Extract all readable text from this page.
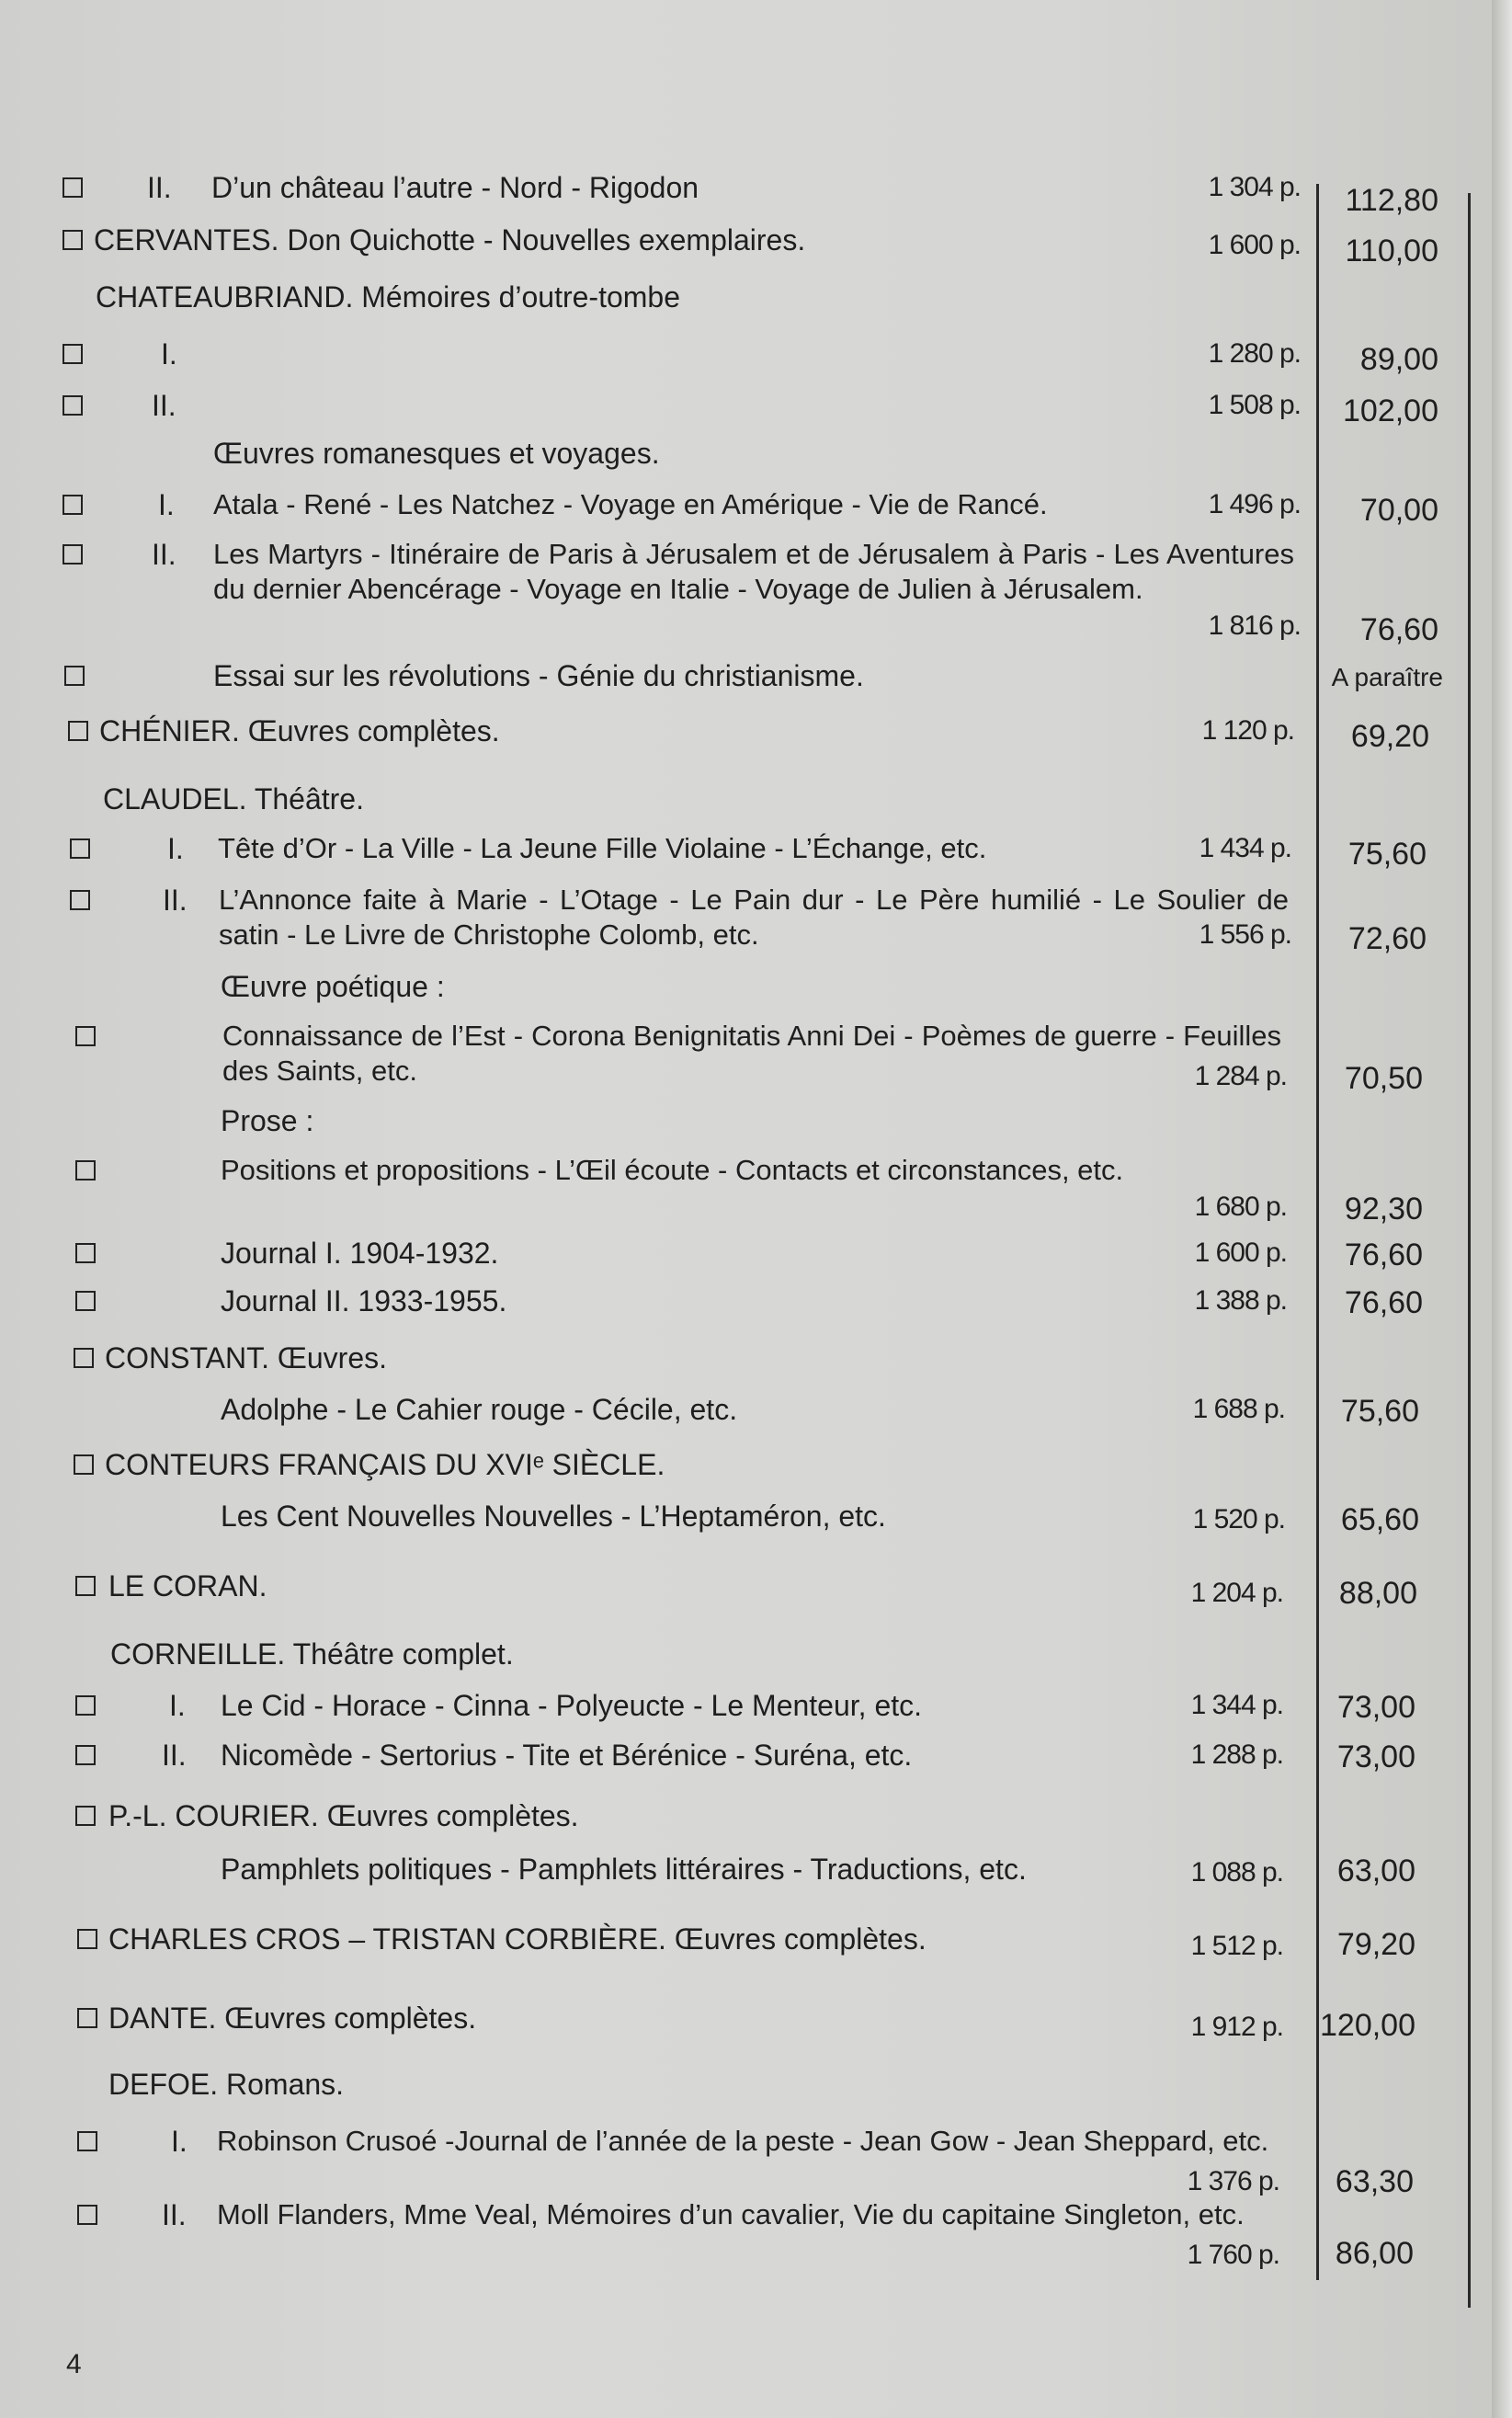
II. D’un château l’autre - Nord - Rigodon	1 304 p.	112,80
CERVANTES. Don Quichotte - Nouvelles exemplaires.	1 600 p.	110,00
CHATEAUBRIAND. Mémoires d’outre-tombe
I.	1 280 p.	89,00
II.	1 508 p.	102,00
Œuvres romanesques et voyages.
I. Atala - René - Les Natchez - Voyage en Amérique - Vie de Rancé.	1 496 p.	70,00
II. Les Martyrs - Itinéraire de Paris à Jérusalem et de Jérusalem à Paris - Les Aventures du dernier Abencérage - Voyage en Italie - Voyage de Julien à Jérusalem.
1 816 p.	76,60
Essai sur les révolutions - Génie du christianisme.	A paraître
CHÉNIER. Œuvres complètes.	1 120 p.	69,20
CLAUDEL. Théâtre.
I. Tête d’Or - La Ville - La Jeune Fille Violaine - L’Échange, etc.	1 434 p.	75,60
II. L’Annonce faite à Marie - L’Otage - Le Pain dur - Le Père humilié - Le Soulier de satin - Le Livre de Christophe Colomb, etc.	1 556 p.	72,60
Œuvre poétique :
Connaissance de l’Est - Corona Benignitatis Anni Dei - Poèmes de guerre - Feuilles des Saints, etc.	1 284 p.	70,50
Prose :
Positions et propositions - L’Œil écoute - Contacts et circonstances, etc.
1 680 p.	92,30
Journal I. 1904-1932.	1 600 p.	76,60
Journal II. 1933-1955.	1 388 p.	76,60
CONSTANT. Œuvres.
Adolphe - Le Cahier rouge - Cécile, etc.	1 688 p.	75,60
CONTEURS FRANÇAIS DU XVIᵉ SIÈCLE.
Les Cent Nouvelles Nouvelles - L’Heptaméron, etc.	1 520 p.	65,60
LE CORAN.	1 204 p.	88,00
CORNEILLE. Théâtre complet.
I. Le Cid - Horace - Cinna - Polyeucte - Le Menteur, etc.	1 344 p.	73,00
II. Nicomède - Sertorius - Tite et Bérénice - Suréna, etc.	1 288 p.	73,00
P.-L. COURIER. Œuvres complètes.
Pamphlets politiques - Pamphlets littéraires - Traductions, etc.	1 088 p.	63,00
CHARLES CROS – TRISTAN CORBIÈRE. Œuvres complètes.	1 512 p.	79,20
DANTE. Œuvres complètes.	1 912 p.	120,00
DEFOE. Romans.
I. Robinson Crusoé -Journal de l’année de la peste - Jean Gow - Jean Sheppard, etc.
1 376 p.	63,30
II. Moll Flanders, Mme Veal, Mémoires d’un cavalier, Vie du capitaine Singleton, etc.
1 760 p.	86,00
4
